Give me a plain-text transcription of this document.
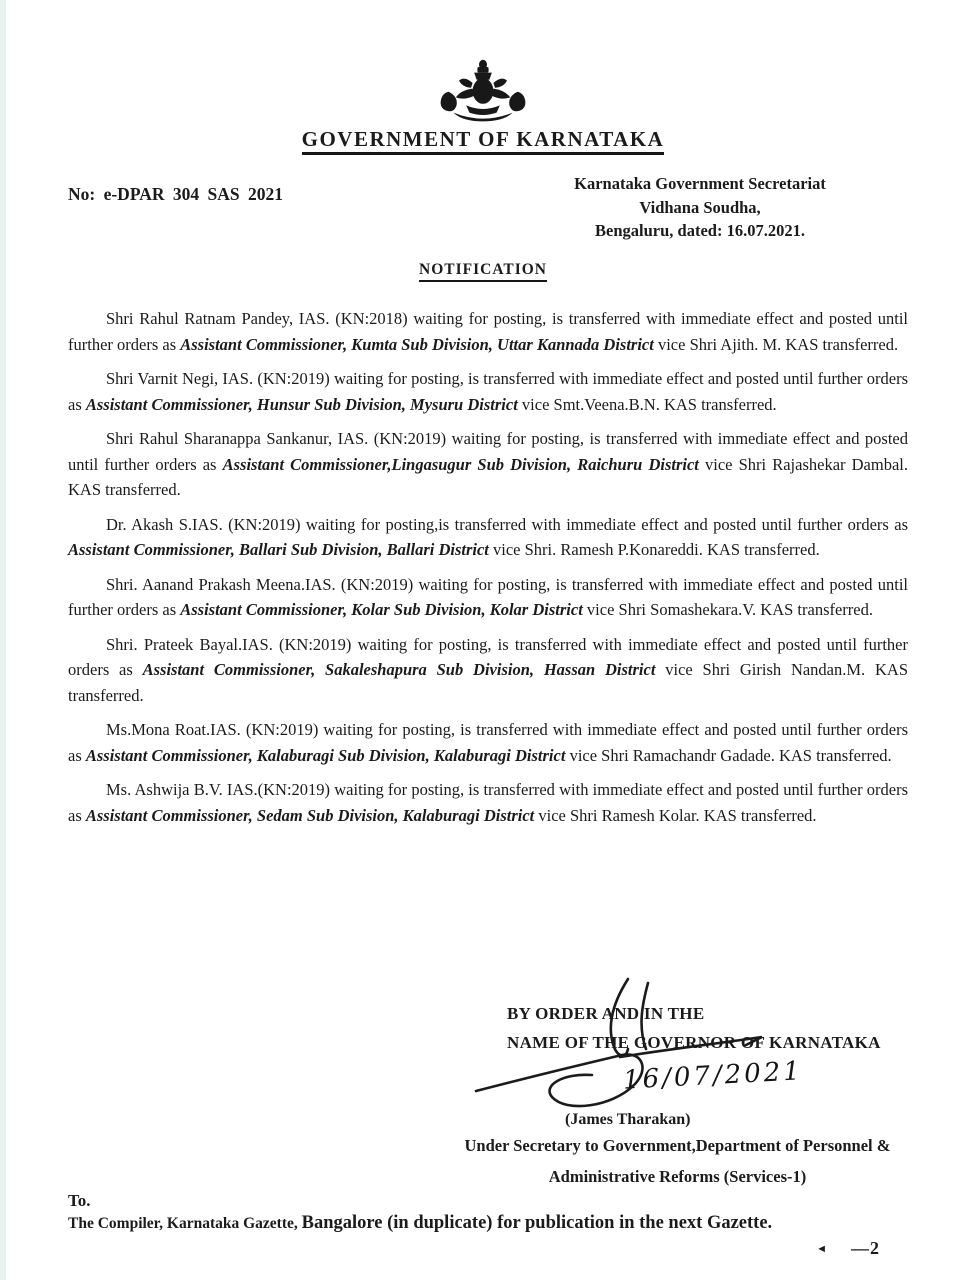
GOVERNMENT OF KARNATAKA
No: e-DPAR 304 SAS 2021
Karnataka Government Secretariat
Vidhana Soudha,
Bengaluru, dated: 16.07.2021.
NOTIFICATION

Shri Rahul Ratnam Pandey, IAS. (KN:2018) waiting for posting, is transferred with immediate effect and posted until further orders as Assistant Commissioner, Kumta Sub Division, Uttar Kannada District vice Shri Ajith. M. KAS transferred.

Shri Varnit Negi, IAS. (KN:2019) waiting for posting, is transferred with immediate effect and posted until further orders as Assistant Commissioner, Hunsur Sub Division, Mysuru District vice Smt.Veena.B.N. KAS transferred.

Shri Rahul Sharanappa Sankanur, IAS. (KN:2019) waiting for posting, is transferred with immediate effect and posted until further orders as Assistant Commissioner,Lingasugur Sub Division, Raichuru District vice Shri Rajashekar Dambal. KAS transferred.

Dr. Akash S.IAS. (KN:2019) waiting for posting,is transferred with immediate effect and posted until further orders as Assistant Commissioner, Ballari Sub Division, Ballari District vice Shri. Ramesh P.Konareddi. KAS transferred.

Shri. Aanand Prakash Meena.IAS. (KN:2019) waiting for posting, is transferred with immediate effect and posted until further orders as Assistant Commissioner, Kolar Sub Division, Kolar District vice Shri Somashekara.V. KAS transferred.

Shri. Prateek Bayal.IAS. (KN:2019) waiting for posting, is transferred with immediate effect and posted until further orders as Assistant Commissioner, Sakaleshapura Sub Division, Hassan District vice Shri Girish Nandan.M. KAS transferred.

Ms.Mona Roat.IAS. (KN:2019) waiting for posting, is transferred with immediate effect and posted until further orders as Assistant Commissioner, Kalaburagi Sub Division, Kalaburagi District vice Shri Ramachandr Gadade. KAS transferred.

Ms. Ashwija B.V. IAS.(KN:2019) waiting for posting, is transferred with immediate effect and posted until further orders as Assistant Commissioner, Sedam Sub Division, Kalaburagi District vice Shri Ramesh Kolar. KAS transferred.

BY ORDER AND IN THE
NAME OF THE GOVERNOR OF KARNATAKA
16/07/2021
(James Tharakan)
Under Secretary to Government,Department of Personnel &
Administrative Reforms (Services-1)
To.
The Compiler, Karnataka Gazette, Bangalore (in duplicate) for publication in the next Gazette.
◄ —2
